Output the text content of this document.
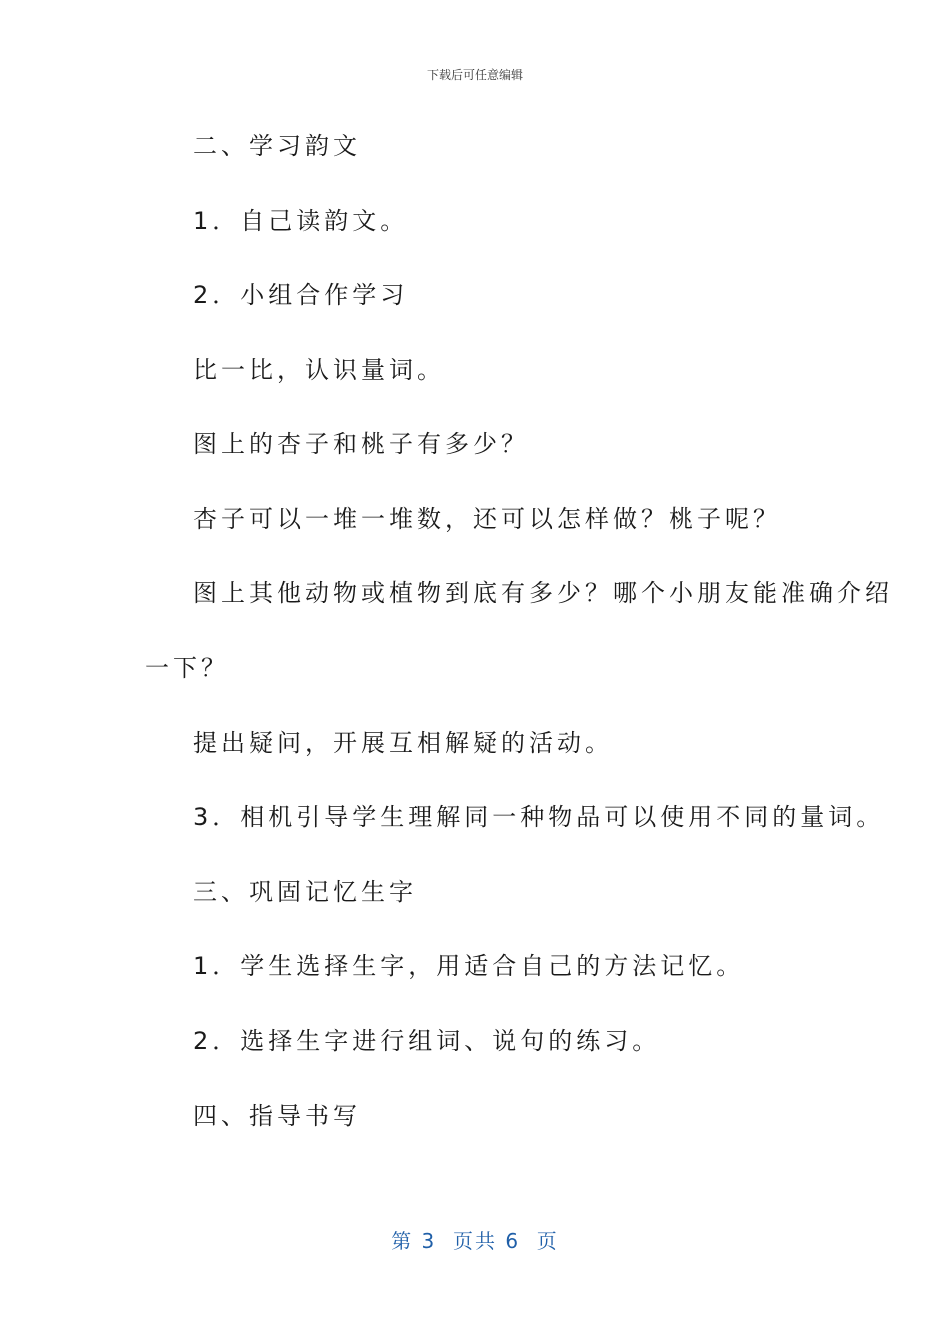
下载后可任意编辑
二、学习韵文
1．自己读韵文。
2．小组合作学习
比一比，认识量词。
图上的杏子和桃子有多少？
杏子可以一堆一堆数，还可以怎样做？桃子呢？
图上其他动物或植物到底有多少？哪个小朋友能准确介绍
一下？
提出疑问，开展互相解疑的活动。
3．相机引导学生理解同一种物品可以使用不同的量词。
三、巩固记忆生字
1．学生选择生字，用适合自己的方法记忆。
2．选择生字进行组词、说句的练习。
四、指导书写
第 3  页共 6  页
